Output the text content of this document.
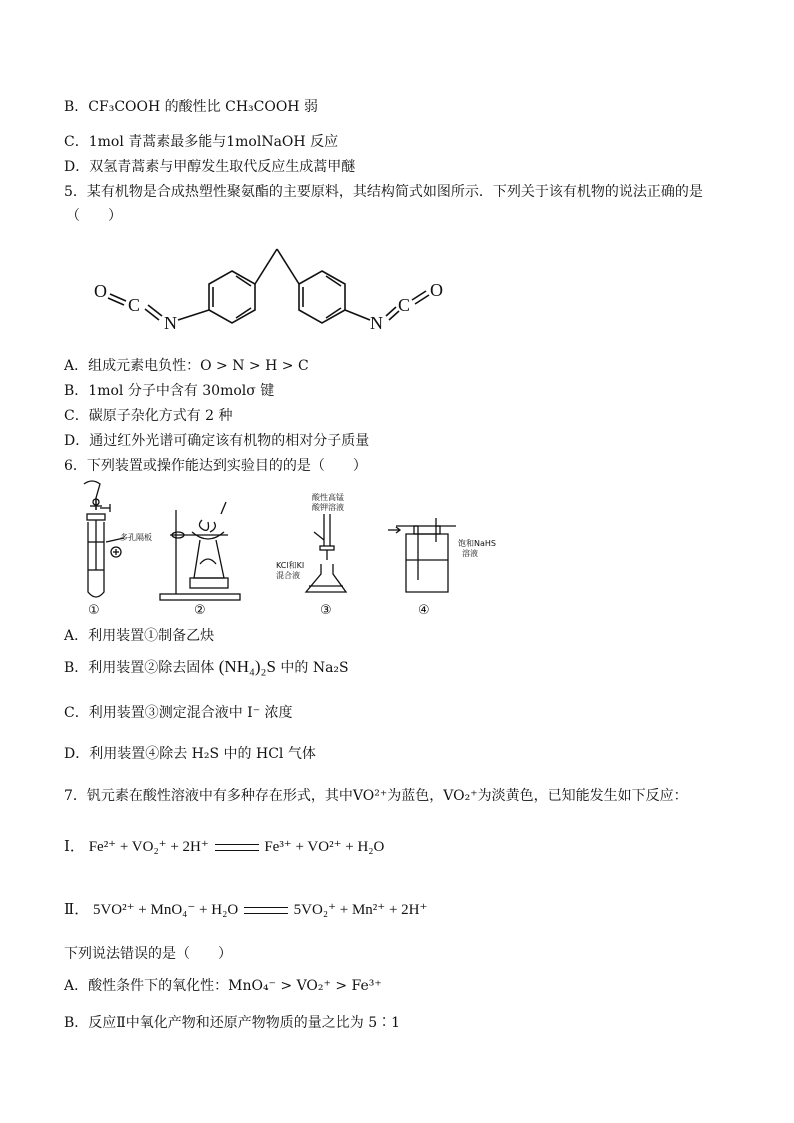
B．CF₃COOH 的酸性比 CH₃COOH 弱
C．1mol 青蒿素最多能与1molNaOH 反应
D．双氢青蒿素与甲醇发生取代反应生成蒿甲醚
5．某有机物是合成热塑性聚氨酯的主要原料，其结构简式如图所示．下列关于该有机物的说法正确的是
（　　）
O
C
N	N
C
O
A．组成元素电负性：O > N > H > C
B．1mol 分子中含有 30molσ 键
C．碳原子杂化方式有 2 种
D．通过红外光谱可确定该有机物的相对分子质量
6．下列装置或操作能达到实验目的的是（　　）
多孔隔板
酸性高锰
酸钾溶液
KCl和KI
混合液
饱和NaHS
溶液
①	②	③	④
A．利用装置①制备乙炔
B．利用装置②除去固体 (NH₄)₂S 中的 Na₂S
C．利用装置③测定混合液中 I⁻ 浓度
D．利用装置④除去 H₂S 中的 HCl 气体
7．钒元素在酸性溶液中有多种存在形式，其中VO²⁺为蓝色，VO₂⁺为淡黄色，已知能发生如下反应：
Ⅰ． Fe²⁺ + VO₂⁺ + 2H⁺	Fe³⁺ + VO²⁺ + H₂O
Ⅱ． 5VO²⁺ + MnO₄⁻ + H₂O	5VO₂⁺ + Mn²⁺ + 2H⁺
下列说法错误的是（　　）
A．酸性条件下的氧化性：MnO₄⁻ > VO₂⁺ > Fe³⁺
B．反应Ⅱ中氧化产物和还原产物物质的量之比为 5∶1
